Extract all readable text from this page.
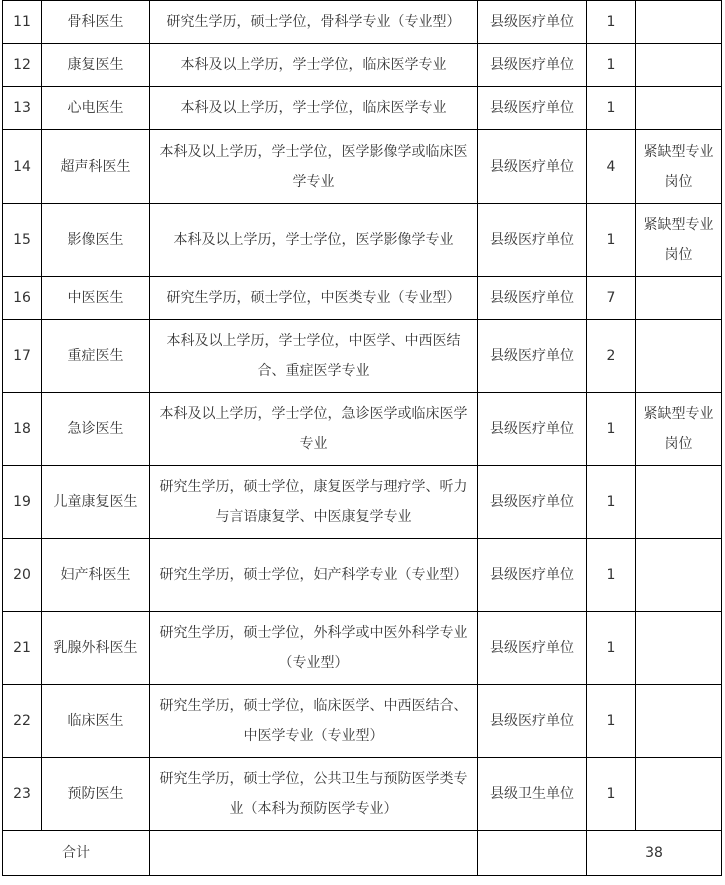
11	骨科医生	研究生学历，硕士学位，骨科学专业（专业型）	县级医疗单位	1	
12	康复医生	本科及以上学历，学士学位，临床医学专业	县级医疗单位	1	
13	心电医生	本科及以上学历，学士学位，临床医学专业	县级医疗单位	1	
14	超声科医生	本科及以上学历，学士学位，医学影像学或临床医学专业	县级医疗单位	4	紧缺型专业岗位
15	影像医生	本科及以上学历，学士学位，医学影像学专业	县级医疗单位	1	紧缺型专业岗位
16	中医医生	研究生学历，硕士学位，中医类专业（专业型）	县级医疗单位	7	
17	重症医生	本科及以上学历，学士学位，中医学、中西医结合、重症医学专业	县级医疗单位	2	
18	急诊医生	本科及以上学历，学士学位，急诊医学或临床医学专业	县级医疗单位	1	紧缺型专业岗位
19	儿童康复医生	研究生学历，硕士学位，康复医学与理疗学、听力与言语康复学、中医康复学专业	县级医疗单位	1	
20	妇产科医生	研究生学历，硕士学位，妇产科学专业（专业型）	县级医疗单位	1	
21	乳腺外科医生	研究生学历，硕士学位，外科学或中医外科学专业（专业型）	县级医疗单位	1	
22	临床医生	研究生学历，硕士学位，临床医学、中西医结合、中医学专业（专业型）	县级医疗单位	1	
23	预防医生	研究生学历，硕士学位，公共卫生与预防医学类专业（本科为预防医学专业）	县级卫生单位	1	
合计				38	
